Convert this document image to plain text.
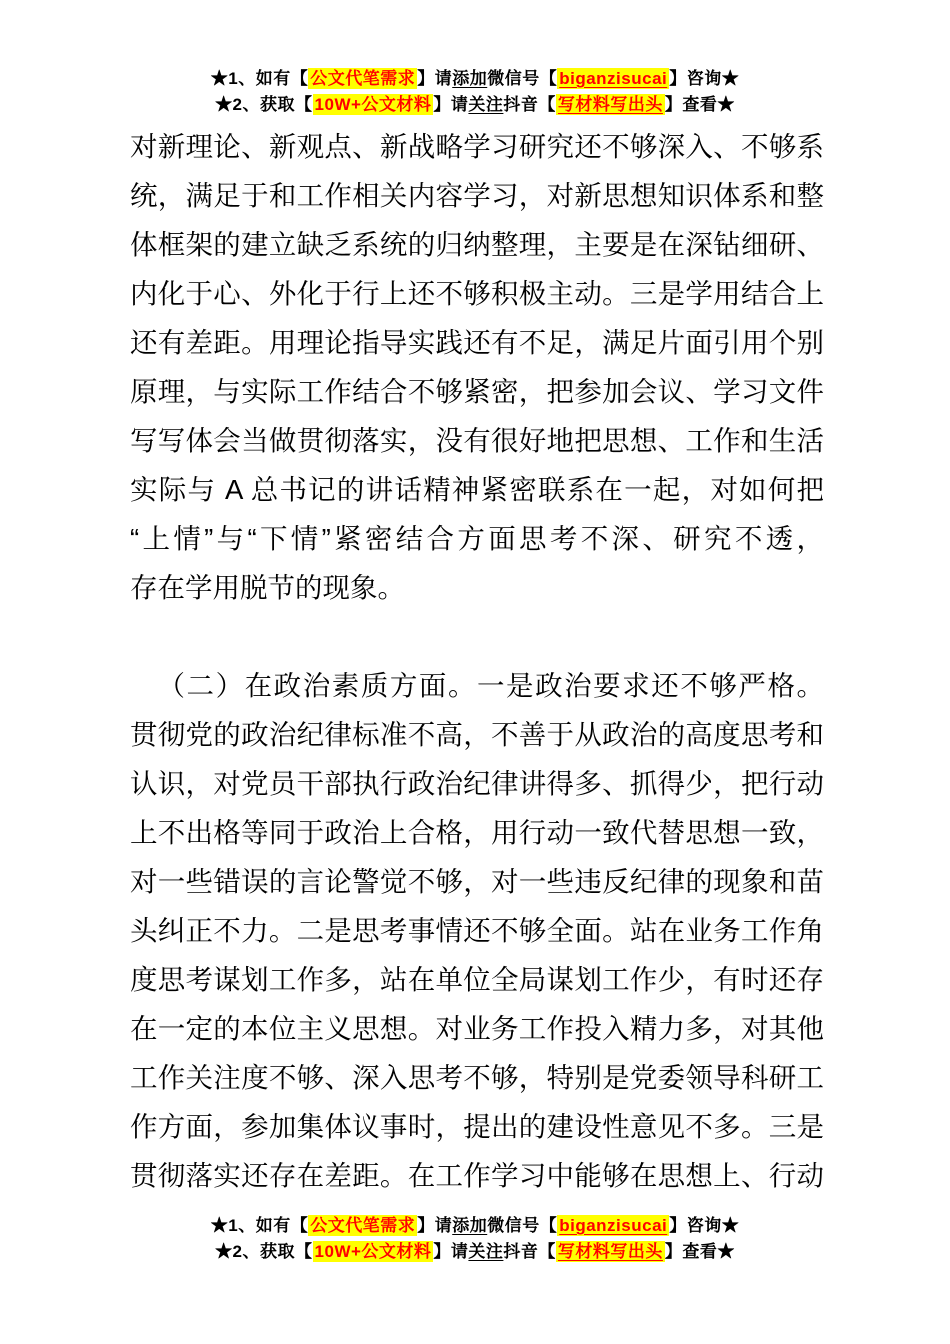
★1、如有【 公文代笔需求 】请添加微信号【 biganzisucai 】咨询★
★2、获取【 10W+公文材料 】请关注抖音【 写材料写出头 】查看★
对新理论、新观点、新战略学习研究还不够深入、不够系
统，满足于和工作相关内容学习，对新思想知识体系和整
体框架的建立缺乏系统的归纳整理，主要是在深钻细研、
内化于心、外化于行上还不够积极主动。三是学用结合上
还有差距。用理论指导实践还有不足，满足片面引用个别
原理，与实际工作结合不够紧密，把参加会议、学习文件
写写体会当做贯彻落实，没有很好地把思想、工作和生活
实际与 A 总书记的讲话精神紧密联系在一起，对如何把
“上情”与“下情”紧密结合方面思考不深、研究不透，
存在学用脱节的现象。
（二）在政治素质方面。一是政治要求还不够严格。
贯彻党的政治纪律标准不高，不善于从政治的高度思考和
认识，对党员干部执行政治纪律讲得多、抓得少，把行动
上不出格等同于政治上合格，用行动一致代替思想一致，
对一些错误的言论警觉不够，对一些违反纪律的现象和苗
头纠正不力。二是思考事情还不够全面。站在业务工作角
度思考谋划工作多，站在单位全局谋划工作少，有时还存
在一定的本位主义思想。对业务工作投入精力多，对其他
工作关注度不够、深入思考不够，特别是党委领导科研工
作方面，参加集体议事时，提出的建设性意见不多。三是
贯彻落实还存在差距。在工作学习中能够在思想上、行动
★1、如有【 公文代笔需求 】请添加微信号【 biganzisucai 】咨询★
★2、获取【 10W+公文材料 】请关注抖音【 写材料写出头 】查看★
